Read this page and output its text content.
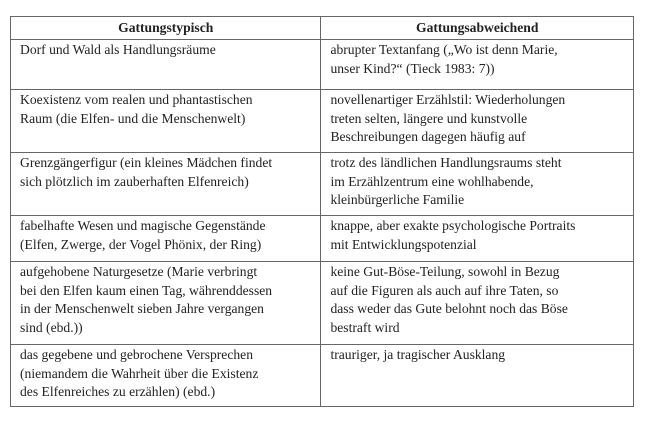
Gattungstypisch	Gattungsabweichend

Dorf und Wald als Handlungsräume	abrupter Textanfang („Wo ist denn Marie,
unser Kind?“ (Tieck 1983: 7))

Koexistenz vom realen und phantastischen
Raum (die Elfen- und die Menschenwelt)	novellenartiger Erzählstil: Wiederholungen
treten selten, längere und kunstvolle
Beschreibungen dagegen häufig auf

Grenzgängerfigur (ein kleines Mädchen findet
sich plötzlich im zauberhaften Elfenreich)	trotz des ländlichen Handlungsraums steht
im Erzählzentrum eine wohlhabende,
kleinbürgerliche Familie

fabelhafte Wesen und magische Gegenstände
(Elfen, Zwerge, der Vogel Phönix, der Ring)	knappe, aber exakte psychologische Portraits
mit Entwicklungspotenzial

aufgehobene Naturgesetze (Marie verbringt
bei den Elfen kaum einen Tag, währenddessen
in der Menschenwelt sieben Jahre vergangen
sind (ebd.))	keine Gut-Böse-Teilung, sowohl in Bezug
auf die Figuren als auch auf ihre Taten, so
dass weder das Gute belohnt noch das Böse
bestraft wird

das gegebene und gebrochene Versprechen
(niemandem die Wahrheit über die Existenz
des Elfenreiches zu erzählen) (ebd.)	trauriger, ja tragischer Ausklang
